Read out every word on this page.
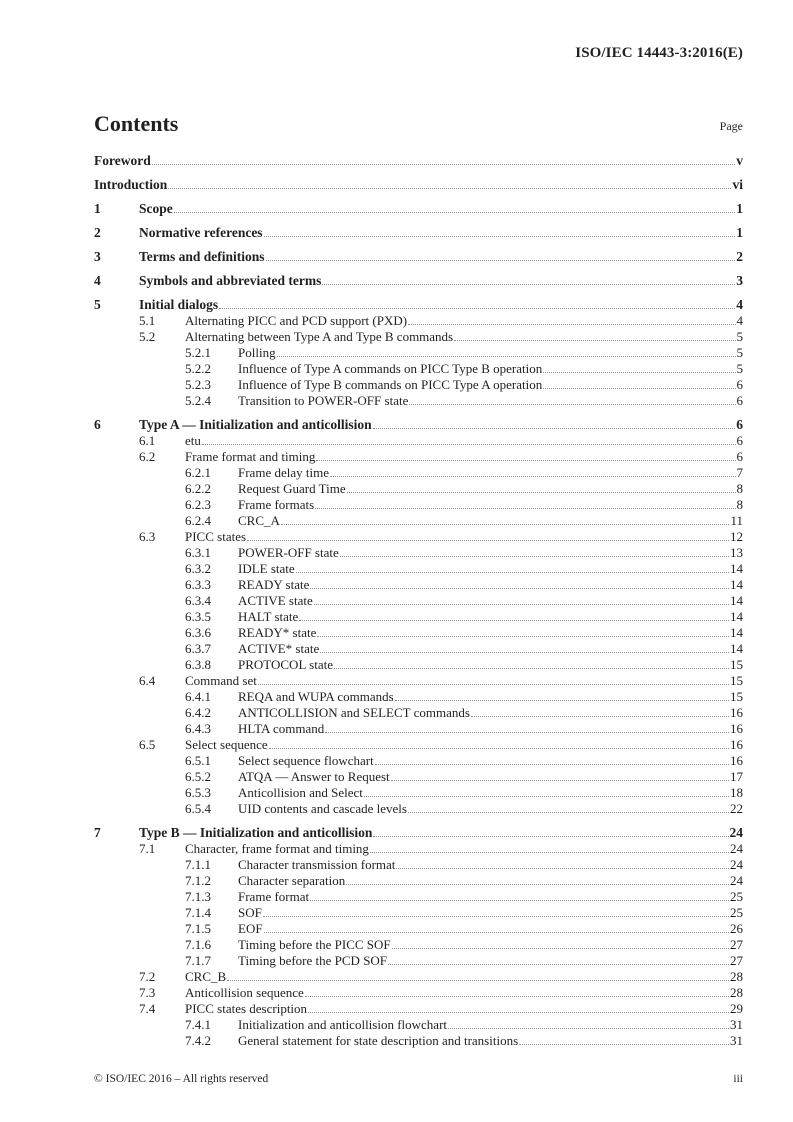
ISO/IEC 14443-3:2016(E)
Contents	Page
Foreword	v
Introduction	vi
1	Scope	1
2	Normative references	1
3	Terms and definitions	2
4	Symbols and abbreviated terms	3
5	Initial dialogs	4
5.1	Alternating PICC and PCD support (PXD)	4
5.2	Alternating between Type A and Type B commands	5
5.2.1	Polling	5
5.2.2	Influence of Type A commands on PICC Type B operation	5
5.2.3	Influence of Type B commands on PICC Type A operation	6
5.2.4	Transition to POWER-OFF state	6
6	Type A — Initialization and anticollision	6
6.1	etu	6
6.2	Frame format and timing	6
6.2.1	Frame delay time	7
6.2.2	Request Guard Time	8
6.2.3	Frame formats	8
6.2.4	CRC_A	11
6.3	PICC states	12
6.3.1	POWER-OFF state	13
6.3.2	IDLE state	14
6.3.3	READY state	14
6.3.4	ACTIVE state	14
6.3.5	HALT state	14
6.3.6	READY* state	14
6.3.7	ACTIVE* state	14
6.3.8	PROTOCOL state	15
6.4	Command set	15
6.4.1	REQA and WUPA commands	15
6.4.2	ANTICOLLISION and SELECT commands	16
6.4.3	HLTA command	16
6.5	Select sequence	16
6.5.1	Select sequence flowchart	16
6.5.2	ATQA — Answer to Request	17
6.5.3	Anticollision and Select	18
6.5.4	UID contents and cascade levels	22
7	Type B — Initialization and anticollision	24
7.1	Character, frame format and timing	24
7.1.1	Character transmission format	24
7.1.2	Character separation	24
7.1.3	Frame format	25
7.1.4	SOF	25
7.1.5	EOF	26
7.1.6	Timing before the PICC SOF	27
7.1.7	Timing before the PCD SOF	27
7.2	CRC_B	28
7.3	Anticollision sequence	28
7.4	PICC states description	29
7.4.1	Initialization and anticollision flowchart	31
7.4.2	General statement for state description and transitions	31
© ISO/IEC 2016 – All rights reserved	iii
